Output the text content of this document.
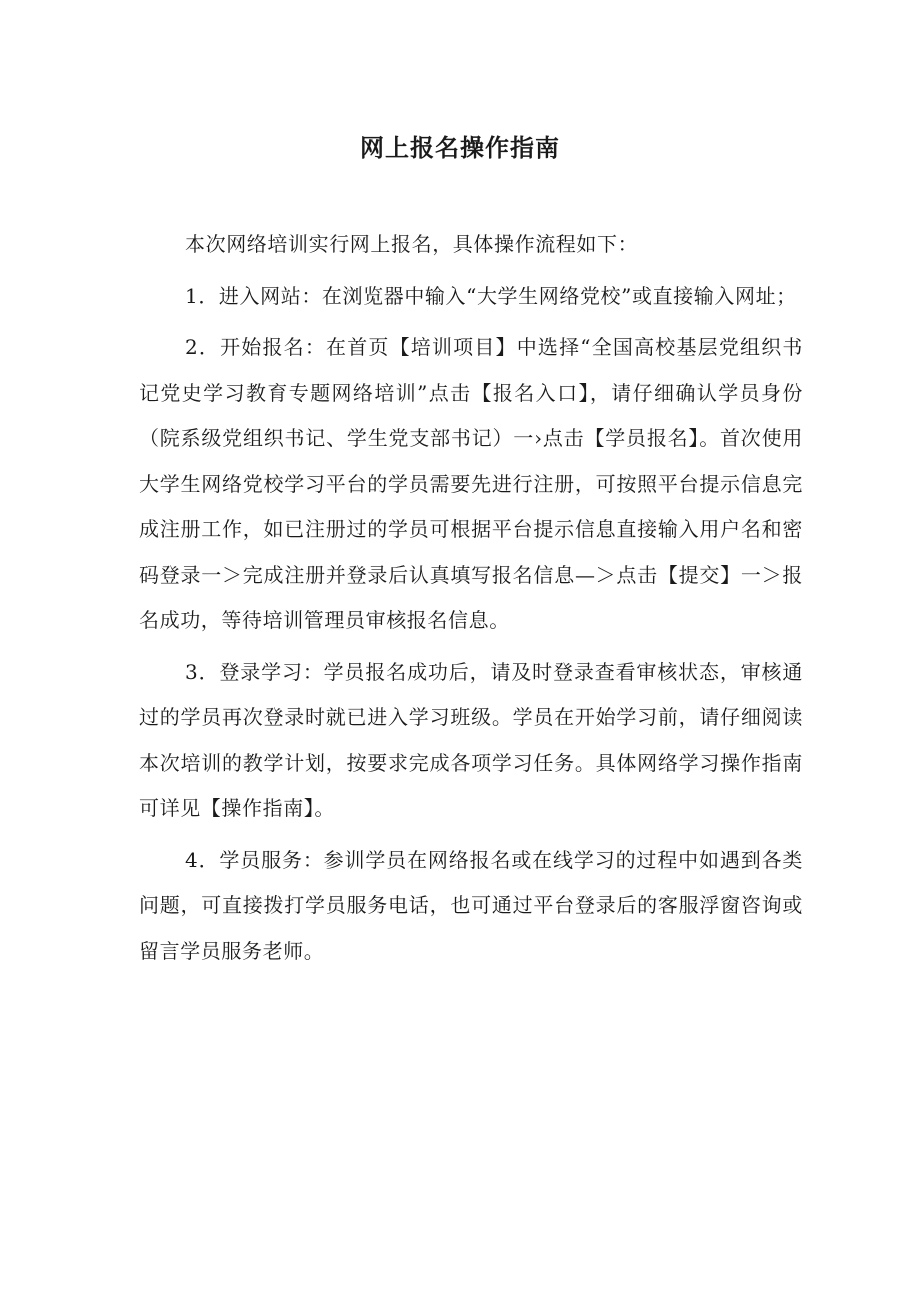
网上报名操作指南

本次网络培训实行网上报名，具体操作流程如下：

1．进入网站：在浏览器中输入“大学生网络党校”或直接输入网址；

2．开始报名：在首页【培训项目】中选择“全国高校基层党组织书记党史学习教育专题网络培训”点击【报名入口】，请仔细确认学员身份（院系级党组织书记、学生党支部书记）一›点击【学员报名】。首次使用大学生网络党校学习平台的学员需要先进行注册，可按照平台提示信息完成注册工作，如已注册过的学员可根据平台提示信息直接输入用户名和密码登录一＞完成注册并登录后认真填写报名信息—＞点击【提交】一＞报名成功，等待培训管理员审核报名信息。

3．登录学习：学员报名成功后，请及时登录查看审核状态，审核通过的学员再次登录时就已进入学习班级。学员在开始学习前，请仔细阅读本次培训的教学计划，按要求完成各项学习任务。具体网络学习操作指南可详见【操作指南】。

4．学员服务：参训学员在网络报名或在线学习的过程中如遇到各类问题，可直接拨打学员服务电话，也可通过平台登录后的客服浮窗咨询或留言学员服务老师。
